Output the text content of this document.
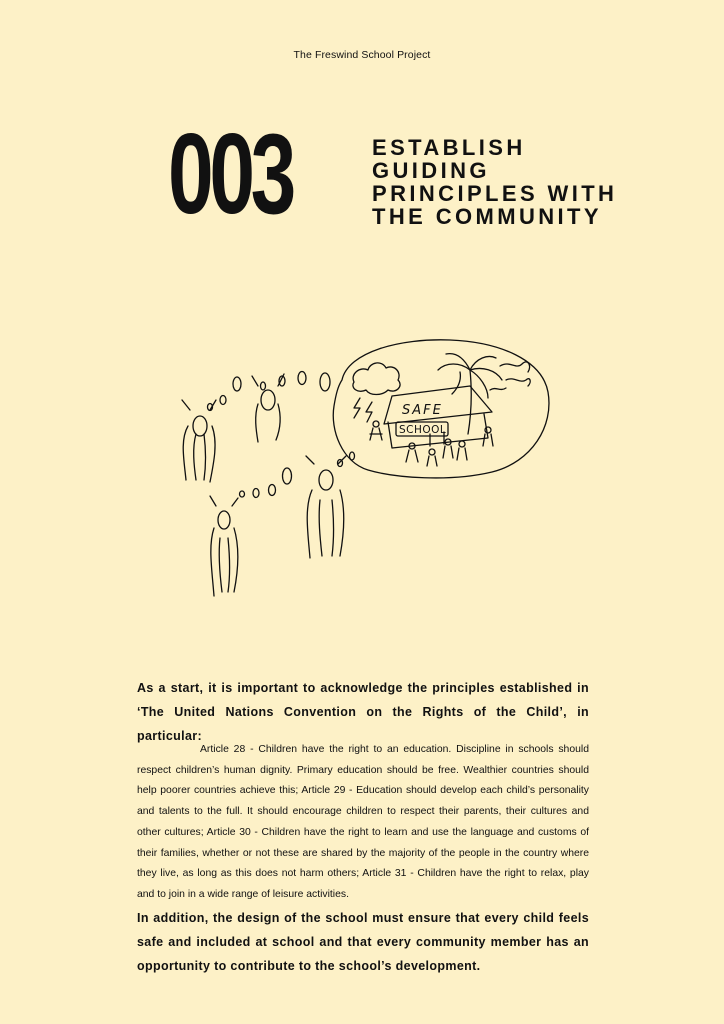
The Freswind School Project
003	ESTABLISH
GUIDING
PRINCIPLES WITH
THE COMMUNITY
SAFE
SCHOOL

As a start, it is important to acknowledge the principles established in ‘The United Nations Convention on the Rights of the Child’, in particular:

Article 28 - Children have the right to an education. Discipline in schools should respect children’s human dignity. Primary education should be free. Wealthier countries should help poorer countries achieve this; Article 29 - Education should develop each child’s personality and talents to the full. It should encourage children to respect their parents, their cultures and other cultures; Article 30 - Children have the right to learn and use the language and customs of their families, whether or not these are shared by the majority of the people in the country where they live, as long as this does not harm others; Article 31 - Children have the right to relax, play and to join in a wide range of leisure activities.

In addition, the design of the school must ensure that every child feels safe and included at school and that every community member has an opportunity to contribute to the school’s development.
